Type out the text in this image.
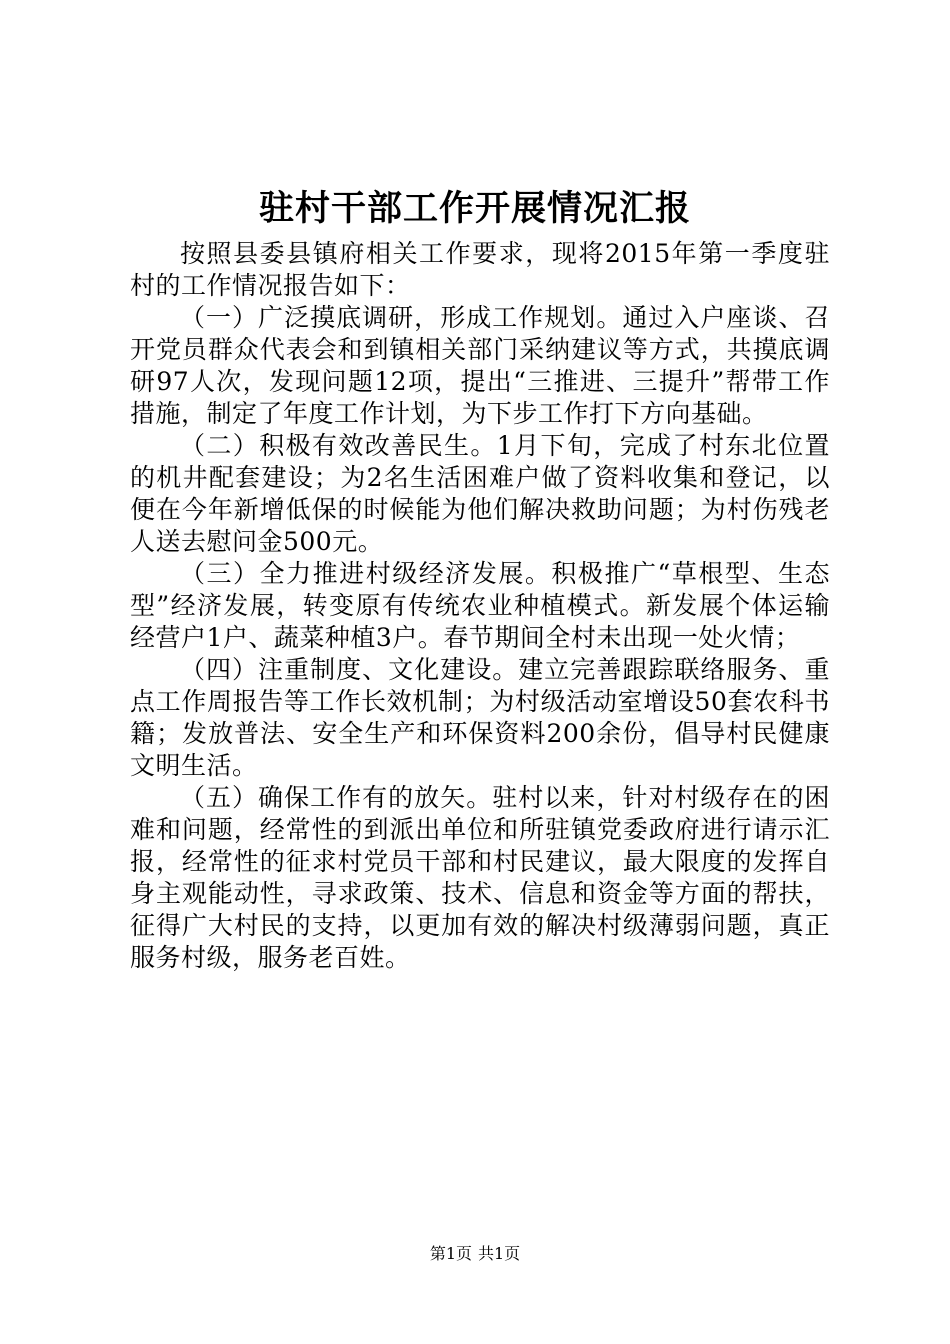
驻村干部工作开展情况汇报

按照县委县镇府相关工作要求，现将2015年第一季度驻村的工作情况报告如下：

（一）广泛摸底调研，形成工作规划。通过入户座谈、召开党员群众代表会和到镇相关部门采纳建议等方式，共摸底调研97人次，发现问题12项，提出“三推进、三提升”帮带工作措施，制定了年度工作计划，为下步工作打下方向基础。

（二）积极有效改善民生。1月下旬，完成了村东北位置的机井配套建设；为2名生活困难户做了资料收集和登记，以便在今年新增低保的时候能为他们解决救助问题；为村伤残老人送去慰问金500元。

（三）全力推进村级经济发展。积极推广“草根型、生态型”经济发展，转变原有传统农业种植模式。新发展个体运输经营户1户、蔬菜种植3户。春节期间全村未出现一处火情；

（四）注重制度、文化建设。建立完善跟踪联络服务、重点工作周报告等工作长效机制；为村级活动室增设50套农科书籍；发放普法、安全生产和环保资料200余份，倡导村民健康文明生活。

（五）确保工作有的放矢。驻村以来，针对村级存在的困难和问题，经常性的到派出单位和所驻镇党委政府进行请示汇报，经常性的征求村党员干部和村民建议，最大限度的发挥自身主观能动性，寻求政策、技术、信息和资金等方面的帮扶，征得广大村民的支持，以更加有效的解决村级薄弱问题，真正服务村级，服务老百姓。

第1页 共1页
